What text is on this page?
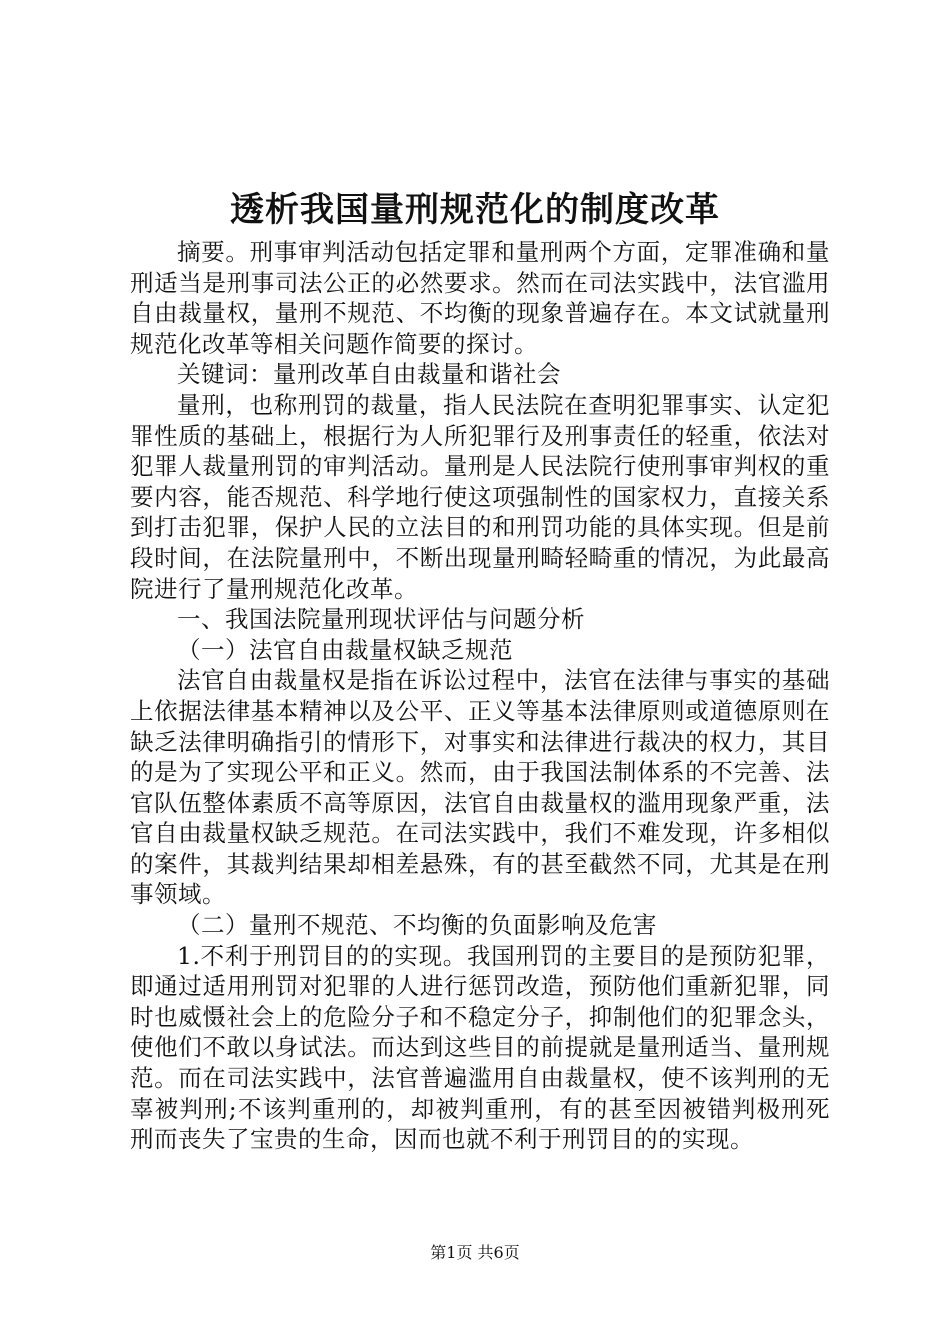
透析我国量刑规范化的制度改革

摘要。刑事审判活动包括定罪和量刑两个方面，定罪准确和量刑适当是刑事司法公正的必然要求。然而在司法实践中，法官滥用自由裁量权，量刑不规范、不均衡的现象普遍存在。本文试就量刑规范化改革等相关问题作简要的探讨。

关键词：量刑改革自由裁量和谐社会

量刑，也称刑罚的裁量，指人民法院在查明犯罪事实、认定犯罪性质的基础上，根据行为人所犯罪行及刑事责任的轻重，依法对犯罪人裁量刑罚的审判活动。量刑是人民法院行使刑事审判权的重要内容，能否规范、科学地行使这项强制性的国家权力，直接关系到打击犯罪，保护人民的立法目的和刑罚功能的具体实现。但是前段时间，在法院量刑中，不断出现量刑畸轻畸重的情况，为此最高院进行了量刑规范化改革。

一、我国法院量刑现状评估与问题分析

（一）法官自由裁量权缺乏规范

法官自由裁量权是指在诉讼过程中，法官在法律与事实的基础上依据法律基本精神以及公平、正义等基本法律原则或道德原则在缺乏法律明确指引的情形下，对事实和法律进行裁决的权力，其目的是为了实现公平和正义。然而，由于我国法制体系的不完善、法官队伍整体素质不高等原因，法官自由裁量权的滥用现象严重，法官自由裁量权缺乏规范。在司法实践中，我们不难发现，许多相似的案件，其裁判结果却相差悬殊，有的甚至截然不同，尤其是在刑事领域。

（二）量刑不规范、不均衡的负面影响及危害

1.不利于刑罚目的的实现。我国刑罚的主要目的是预防犯罪，即通过适用刑罚对犯罪的人进行惩罚改造，预防他们重新犯罪，同时也威慑社会上的危险分子和不稳定分子，抑制他们的犯罪念头，使他们不敢以身试法。而达到这些目的前提就是量刑适当、量刑规范。而在司法实践中，法官普遍滥用自由裁量权，使不该判刑的无辜被判刑;不该判重刑的，却被判重刑，有的甚至因被错判极刑死刑而丧失了宝贵的生命，因而也就不利于刑罚目的的实现。

第1页 共6页
